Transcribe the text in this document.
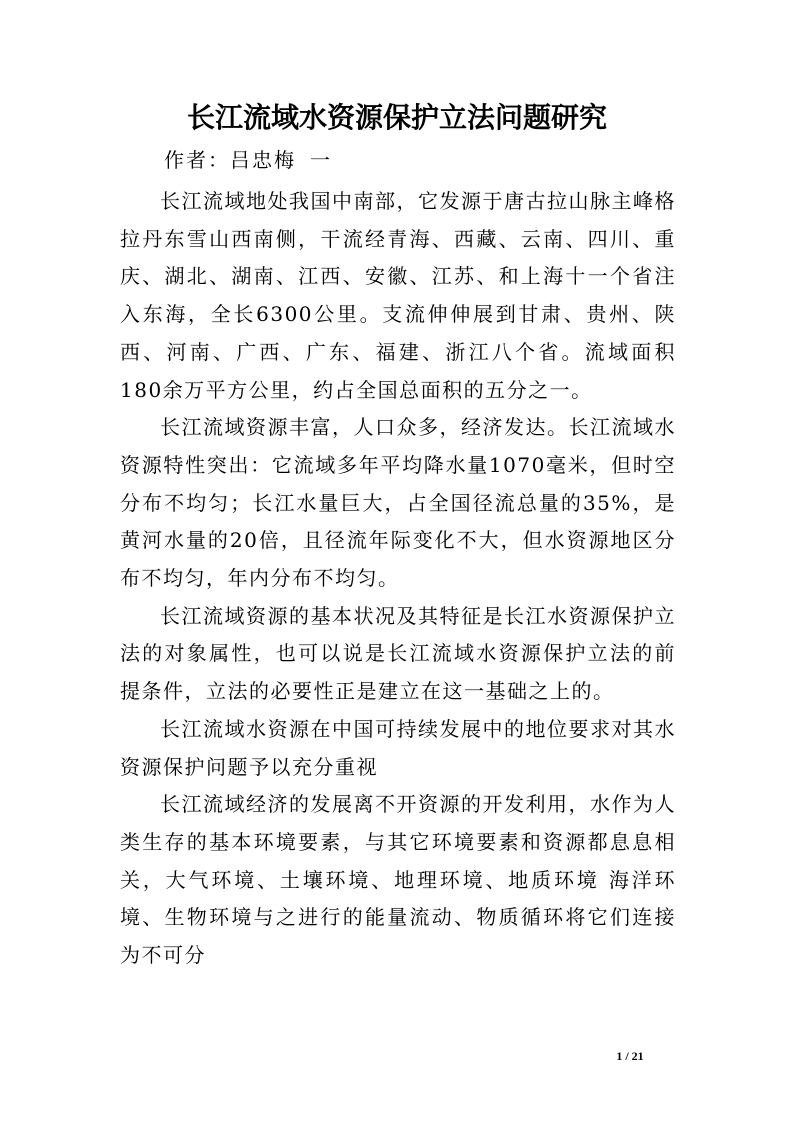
长江流域水资源保护立法问题研究
作者：吕忠梅 一

长江流域地处我国中南部，它发源于唐古拉山脉主峰格拉丹东雪山西南侧，干流经青海、西藏、云南、四川、重庆、湖北、湖南、江西、安徽、江苏、和上海十一个省注入东海，全长6300公里。支流伸伸展到甘肃、贵州、陕西、河南、广西、广东、福建、浙江八个省。流域面积180余万平方公里，约占全国总面积的五分之一。

长江流域资源丰富，人口众多，经济发达。长江流域水资源特性突出：它流域多年平均降水量1070毫米，但时空分布不均匀；长江水量巨大，占全国径流总量的35%，是黄河水量的20倍，且径流年际变化不大，但水资源地区分布不均匀，年内分布不均匀。

长江流域资源的基本状况及其特征是长江水资源保护立法的对象属性，也可以说是长江流域水资源保护立法的前提条件，立法的必要性正是建立在这一基础之上的。

长江流域水资源在中国可持续发展中的地位要求对其水资源保护问题予以充分重视

长江流域经济的发展离不开资源的开发利用，水作为人类生存的基本环境要素，与其它环境要素和资源都息息相关，大气环境、土壤环境、地理环境、地质环境 海洋环境、生物环境与之进行的能量流动、物质循环将它们连接为不可分

1 / 21
